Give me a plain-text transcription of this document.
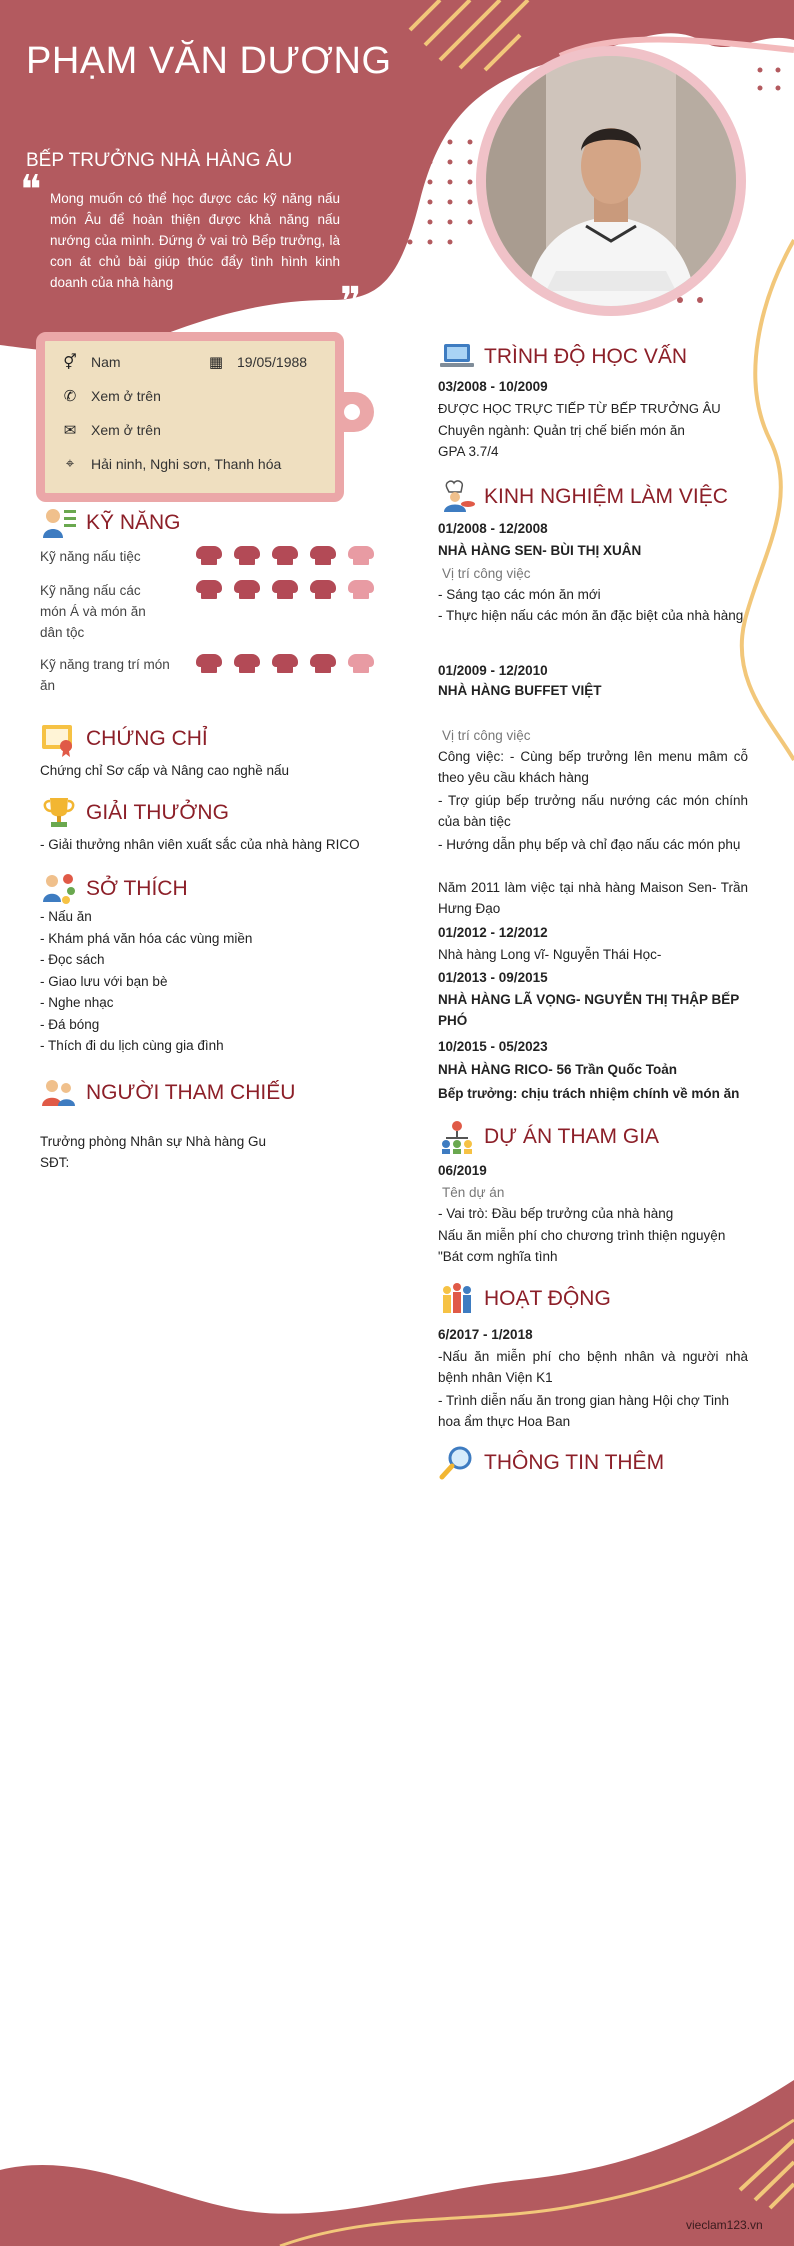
PHẠM VĂN DƯƠNG
BẾP TRƯỞNG NHÀ HÀNG ÂU
❝ Mong muốn có thể học được các kỹ năng nấu món Âu để hoàn thiện được khả năng nấu nướng của mình. Đứng ở vai trò Bếp trưởng, là con át chủ bài giúp thúc đẩy tình hình kinh doanh của nhà hàng	❞
⚥	Nam	▦ 19/05/1988
✆	Xem ở trên
✉	Xem ở trên
⌖	Hải ninh, Nghi sơn, Thanh hóa
KỸ NĂNG
Kỹ năng nấu tiệc
Kỹ năng nấu các món Á và món ăn dân tộc
Kỹ năng trang trí món ăn
CHỨNG CHỈ

Chứng chỉ Sơ cấp và Nâng cao nghề nấu

GIẢI THƯỞNG

- Giải thưởng nhân viên xuất sắc của nhà hàng RICO

SỞ THÍCH
- Nấu ăn
- Khám phá văn hóa các vùng miền
- Đọc sách
- Giao lưu với bạn bè
- Nghe nhạc
- Đá bóng
- Thích đi du lịch cùng gia đình
NGƯỜI THAM CHIẾU

Trưởng phòng Nhân sự Nhà hàng Gu

SĐT:

TRÌNH ĐỘ HỌC VẤN

03/2008 - 10/2009

ĐƯỢC HỌC TRỰC TIẾP TỪ BẾP TRƯỞNG ÂU

Chuyên ngành: Quản trị chế biến món ăn

GPA 3.7/4

KINH NGHIỆM LÀM VIỆC

01/2008 - 12/2008

NHÀ HÀNG SEN- BÙI THỊ XUÂN

Vị trí công việc

- Sáng tạo các món ăn mới

- Thực hiện nấu các món ăn đặc biệt của nhà hàng

01/2009 - 12/2010

NHÀ HÀNG BUFFET VIỆT

Vị trí công việc

Công việc: - Cùng bếp trưởng lên menu mâm cỗ theo yêu cầu khách hàng

- Trợ giúp bếp trưởng nấu nướng các món chính của bàn tiệc

- Hướng dẫn phụ bếp và chỉ đạo nấu các món phụ

Năm 2011 làm việc tại nhà hàng Maison Sen- Trần Hưng Đạo

01/2012 - 12/2012

Nhà hàng Long vĩ- Nguyễn Thái Học-

01/2013 - 09/2015

NHÀ HÀNG LÃ VỌNG- NGUYỄN THỊ THẬP BẾP PHÓ

10/2015 - 05/2023

NHÀ HÀNG RICO- 56 Trần Quốc Toản

Bếp trưởng: chịu trách nhiệm chính về món ăn

DỰ ÁN THAM GIA

06/2019

Tên dự án

- Vai trò: Đầu bếp trưởng của nhà hàng

Nấu ăn miễn phí cho chương trình thiện nguyện "Bát cơm nghĩa tình

HOẠT ĐỘNG

6/2017 - 1/2018

-Nấu ăn miễn phí cho bệnh nhân và người nhà bệnh nhân Viện K1

- Trình diễn nấu ăn trong gian hàng Hội chợ Tinh hoa ẩm thực Hoa Ban

THÔNG TIN THÊM
vieclam123.vn
